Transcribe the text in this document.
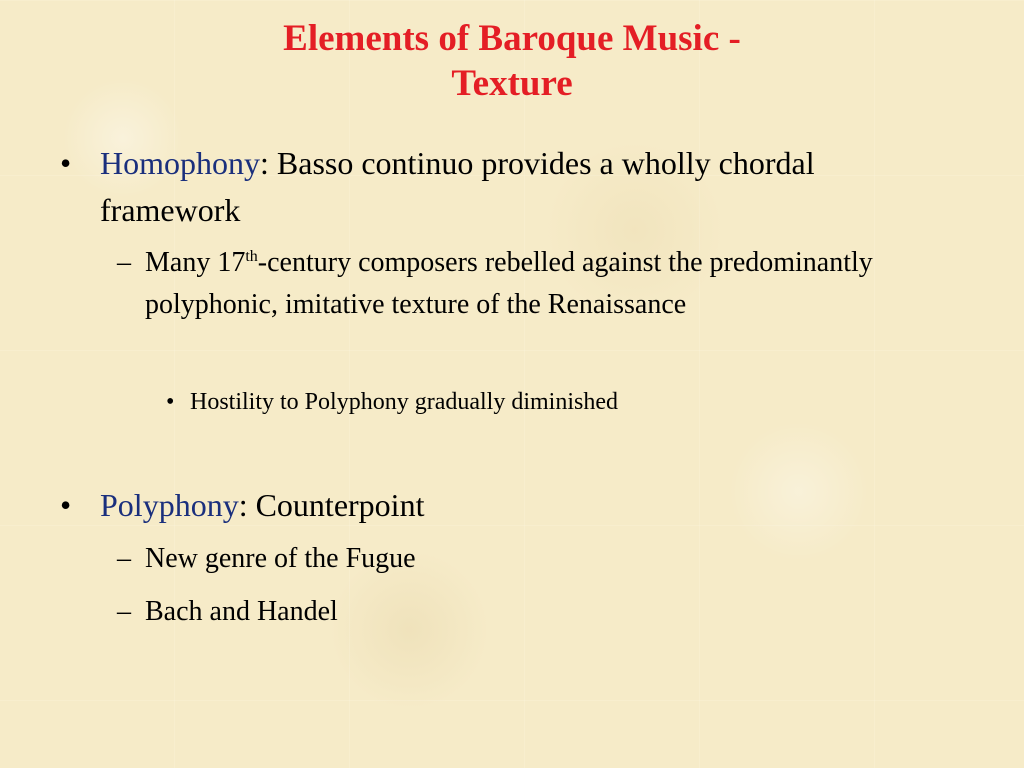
Elements of Baroque Music -
Texture
• Homophony: Basso continuo provides a wholly chordal framework
– Many 17th-century composers rebelled against the predominantly polyphonic, imitative texture of the Renaissance
• Hostility to Polyphony gradually diminished
• Polyphony: Counterpoint
– New genre of the Fugue
– Bach and Handel
